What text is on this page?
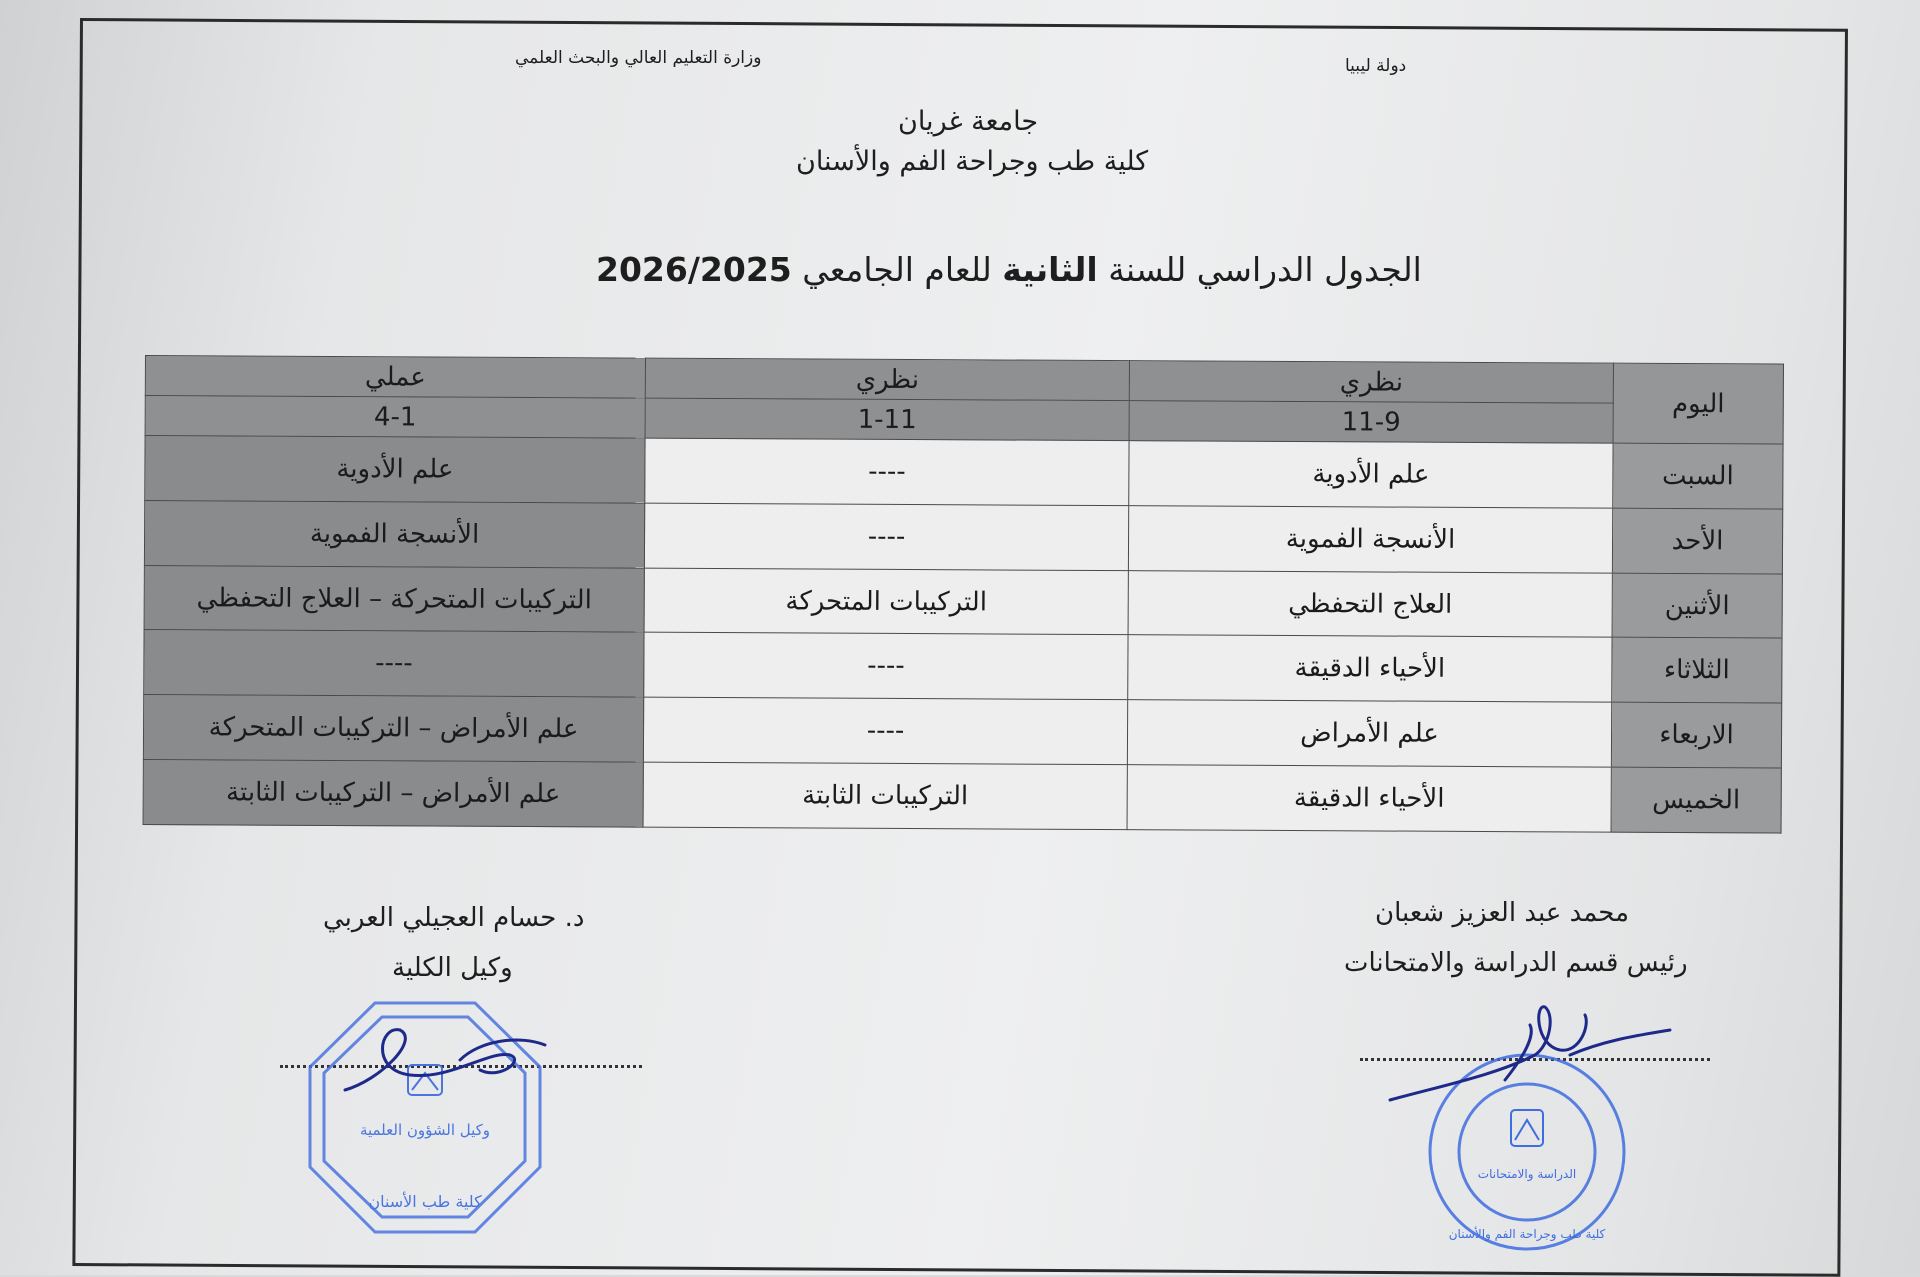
دولة ليبيا
وزارة التعليم العالي والبحث العلمي
جامعة غريان
كلية طب وجراحة الفم والأسنان
الجدول الدراسي للسنة الثانية للعام الجامعي 2026/2025
اليوم	نظري	نظري	عملي
	11-9	1-11	4-1
السبت	علم الأدوية	----	علم الأدوية
الأحد	الأنسجة الفموية	----	الأنسجة الفموية
الأثنين	العلاج التحفظي	التركيبات المتحركة	التركيبات المتحركة – العلاج التحفظي
الثلاثاء	الأحياء الدقيقة	----	----
الاربعاء	علم الأمراض	----	علم الأمراض – التركيبات المتحركة
الخميس	الأحياء الدقيقة	التركيبات الثابتة	علم الأمراض – التركيبات الثابتة
محمد عبد العزيز شعبان
رئيس قسم الدراسة والامتحانات
د. حسام العجيلي العربي
وكيل الكلية
كلية طب الأسنان
وكيل الشؤون العلمية
الدراسة والامتحانات
كلية طب وجراحة الفم والأسنان
